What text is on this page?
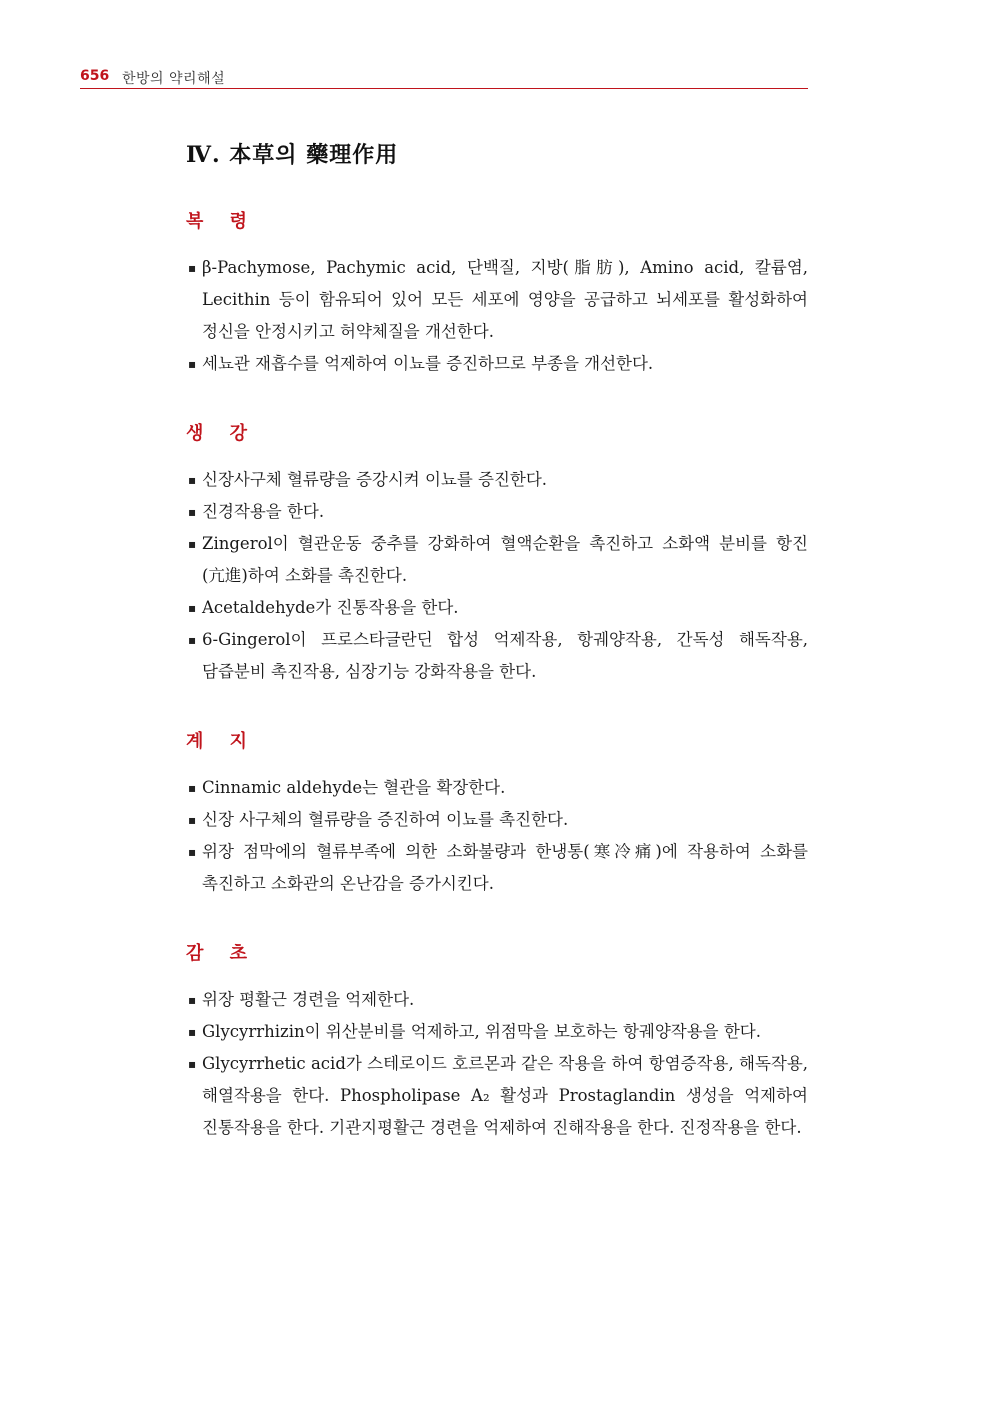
656 한방의 약리해설
Ⅳ. 本草의 藥理作用
복 령
▪ β-Pachymose, Pachymic acid, 단백질, 지방(脂肪), Amino acid, 칼륨염, Lecithin 등이 함유되어 있어 모든 세포에 영양을 공급하고 뇌세포를 활성화하여 정신을 안정시키고 허약체질을 개선한다.
▪ 세뇨관 재흡수를 억제하여 이뇨를 증진하므로 부종을 개선한다.
생 강
▪ 신장사구체 혈류량을 증강시켜 이뇨를 증진한다.
▪ 진경작용을 한다.
▪ Zingerol이 혈관운동 중추를 강화하여 혈액순환을 촉진하고 소화액 분비를 항진(亢進)하여 소화를 촉진한다.
▪ Acetaldehyde가 진통작용을 한다.
▪ 6-Gingerol이 프로스타글란딘 합성 억제작용, 항궤양작용, 간독성 해독작용, 담즙분비 촉진작용, 심장기능 강화작용을 한다.
계 지
▪ Cinnamic aldehyde는 혈관을 확장한다.
▪ 신장 사구체의 혈류량을 증진하여 이뇨를 촉진한다.
▪ 위장 점막에의 혈류부족에 의한 소화불량과 한냉통(寒冷痛)에 작용하여 소화를 촉진하고 소화관의 온난감을 증가시킨다.
감 초
▪ 위장 평활근 경련을 억제한다.
▪ Glycyrrhizin이 위산분비를 억제하고, 위점막을 보호하는 항궤양작용을 한다.
▪ Glycyrrhetic acid가 스테로이드 호르몬과 같은 작용을 하여 항염증작용, 해독작용, 해열작용을 한다. Phospholipase A₂ 활성과 Prostaglandin 생성을 억제하여 진통작용을 한다. 기관지평활근 경련을 억제하여 진해작용을 한다. 진정작용을 한다.
